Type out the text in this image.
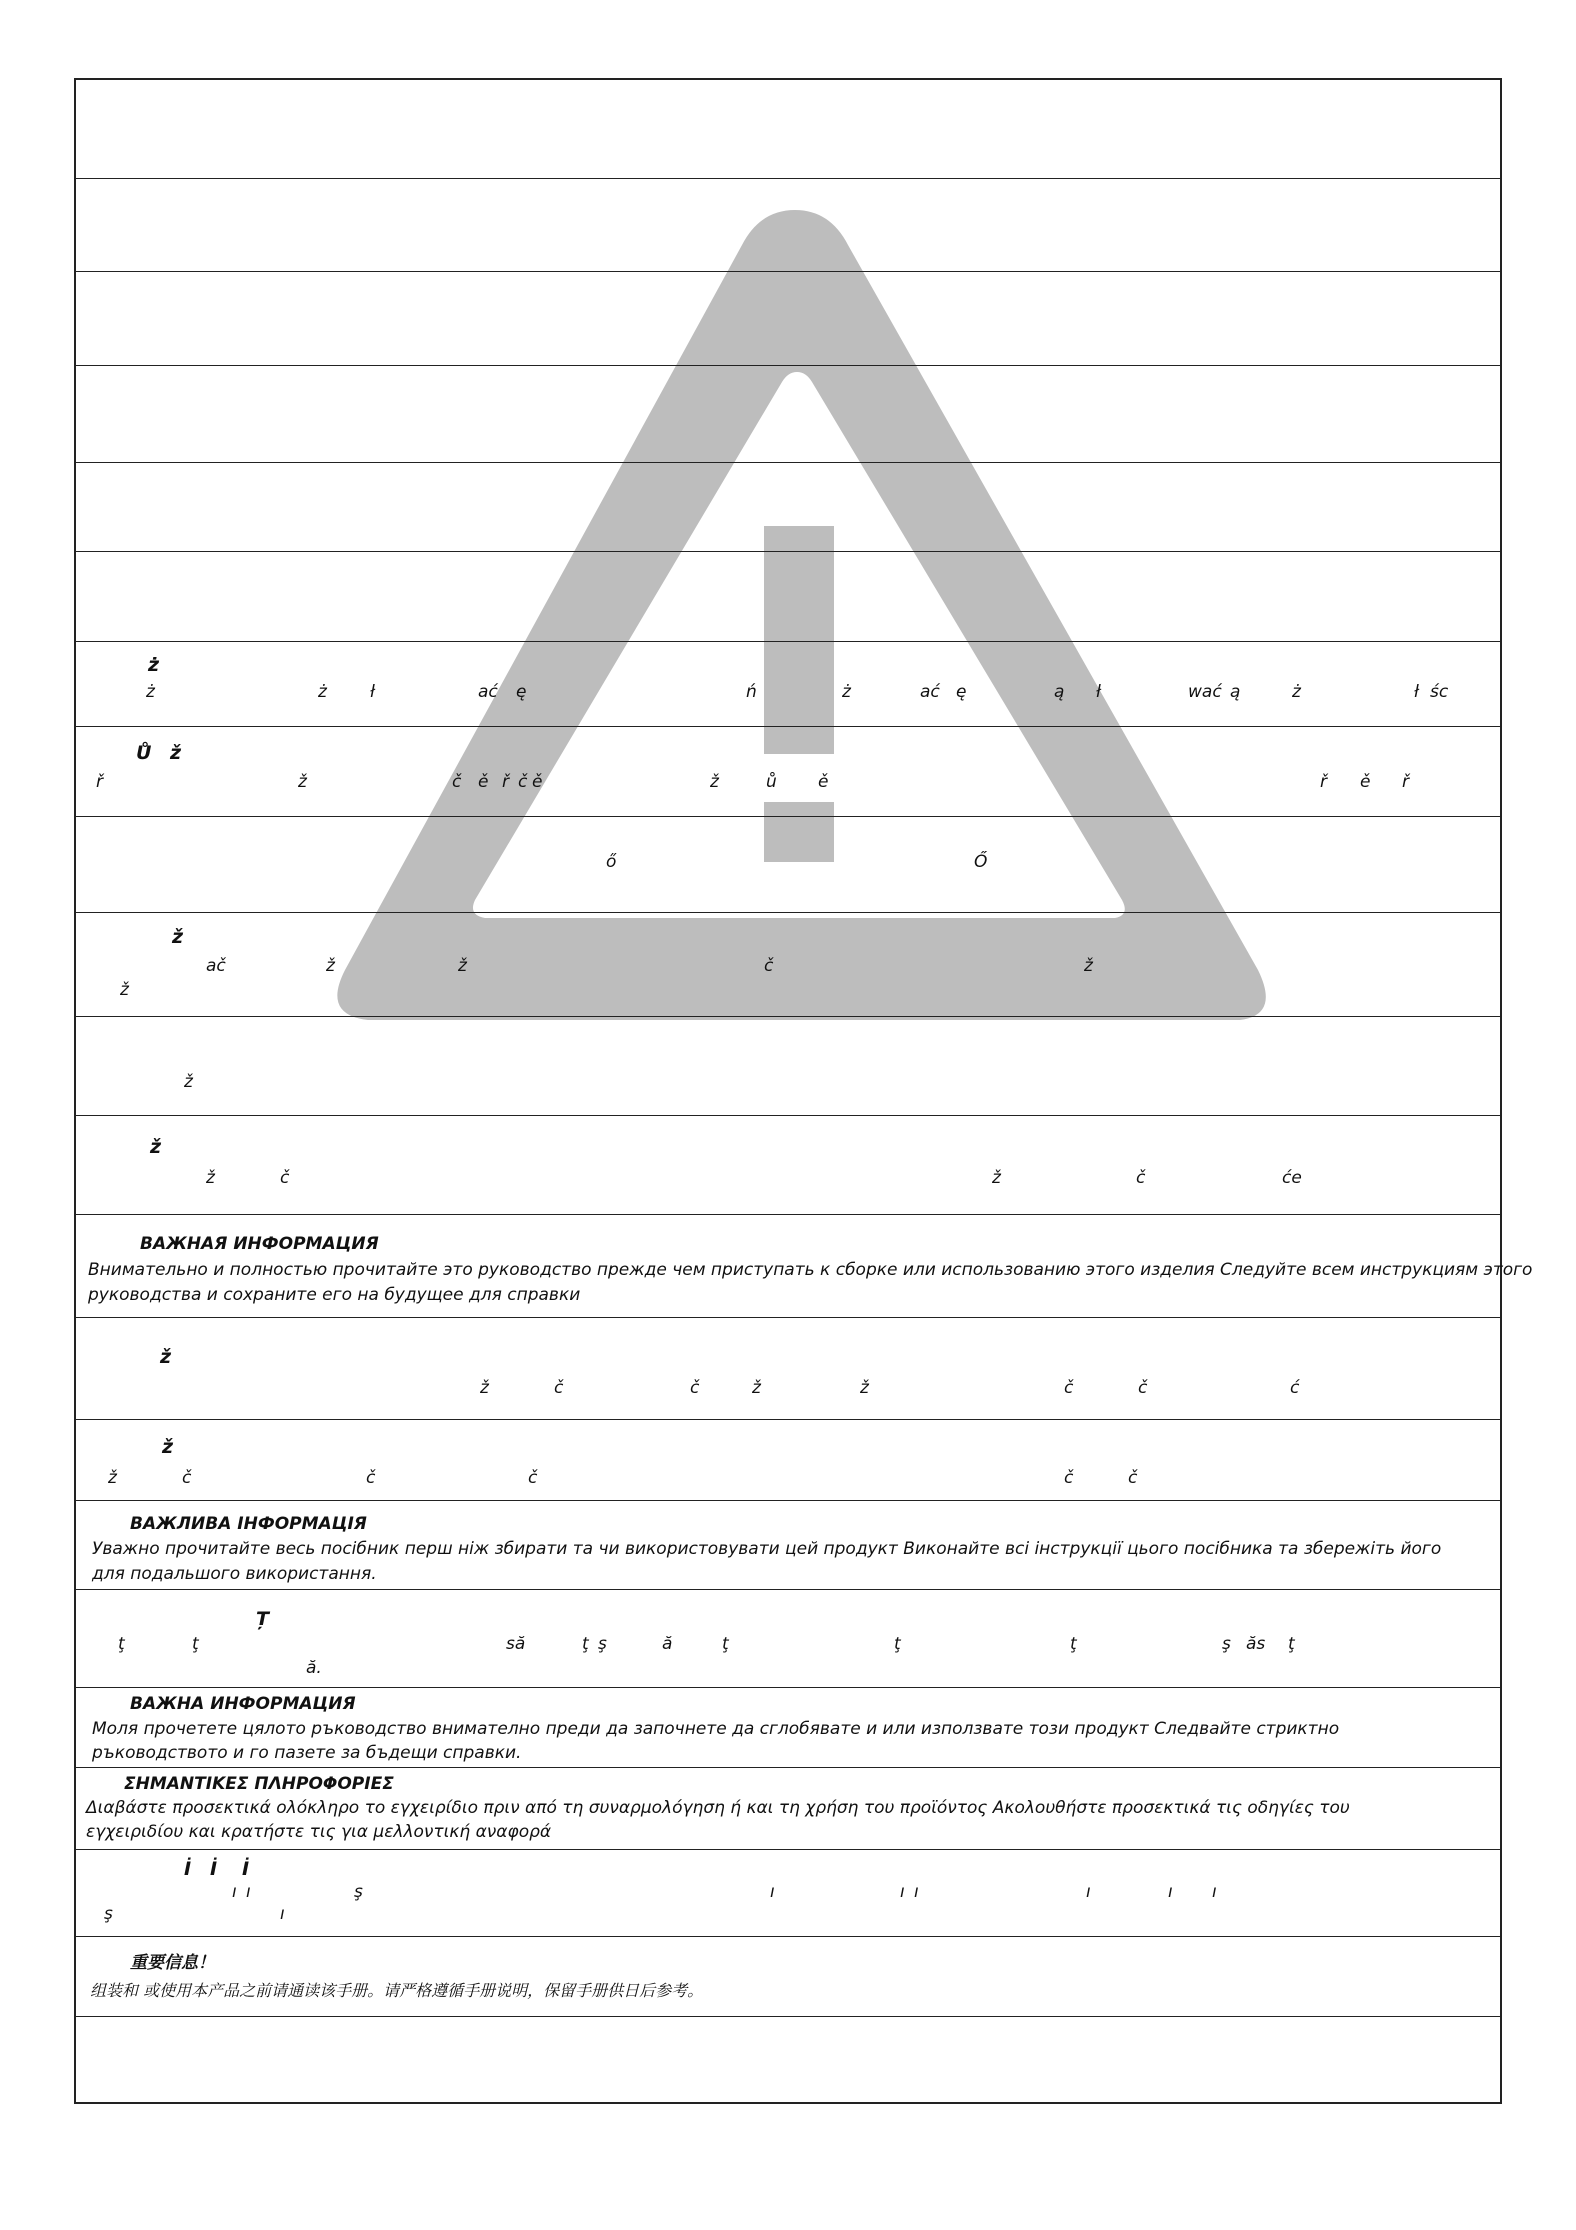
ż
ż	ż	ł	ać ę	ń	ż	ać ę	ą ł	wać ą	ż	ł śc
Ů ž
ř	ž	č ě ř č ě	ž	ů ě	ř ě ř
ő	Ő
ž
ač	ž	ž	č	ž
ž
ž
ž
ž	č	ž	č	će
ВАЖНАЯ ИНФОРМАЦИЯ
Внимательно и полностью прочитайте это руководство прежде чем приступать к сборке или использованию этого изделия Следуйте всем инструкциям этого
руководства и сохраните его на будущее для справки
ž
ž	č	č	ž	ž	č	č	ć
ž
ž	č	č	č	č	č
ВАЖЛИВА ІНФОРМАЦІЯ
Уважно прочитайте весь посібник перш ніж збирати та чи використовувати цей продукт Виконайте всі інструкції цього посібника та збережіть його
для подальшого використання.
Ț
ţ	ţ
ă.
să	ţ ş	ă	ţ	ţ	ţ	ş ăs ţ
ВАЖНА ИНФОРМАЦИЯ
Моля прочетете цялото ръководство внимателно преди да започнете да сглобявате и или използвате този продукт Следвайте стриктно
ръководството и го пазете за бъдещи справки.
ΣΗΜΑΝΤΙΚΕΣ ΠΛΗΡΟΦΟΡΙΕΣ
Διαβάστε προσεκτικά ολόκληρο το εγχειρίδιο πριν από τη συναρμολόγηση ή και τη χρήση του προϊόντος Ακολουθήστε προσεκτικά τις οδηγίες του
εγχειριδίου και κρατήστε τις για μελλοντική αναφορά
İ İ İ
ı ı	ş	ı	ı ı	ı	ı ı
ı
ş
重要信息！
组装和 或使用本产品之前请通读该手册。请严格遵循手册说明，保留手册供日后参考。
